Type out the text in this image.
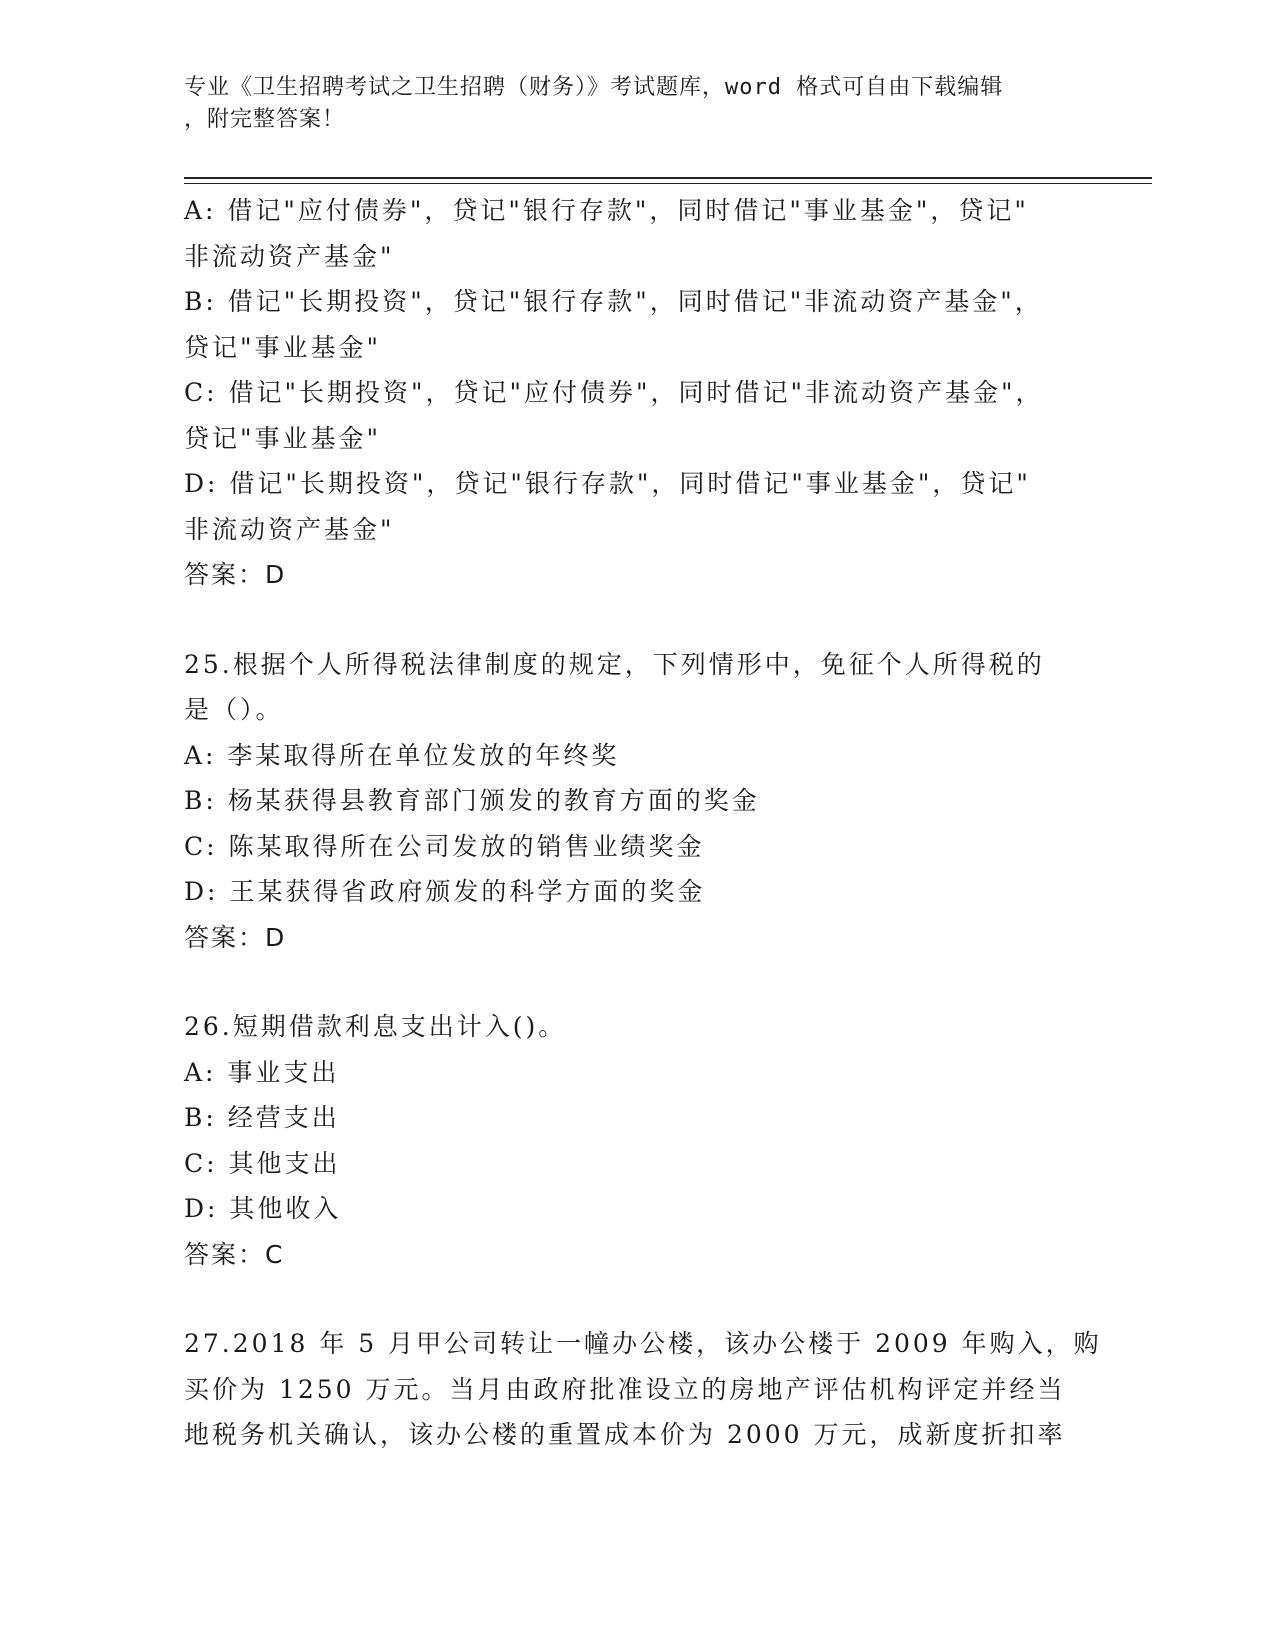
专业《卫生招聘考试之卫生招聘（财务）》考试题库，word 格式可自由下载编辑
，附完整答案！
A: 借记"应付债券"，贷记"银行存款"，同时借记"事业基金"，贷记"
非流动资产基金"
B: 借记"长期投资"，贷记"银行存款"，同时借记"非流动资产基金"，
贷记"事业基金"
C: 借记"长期投资"，贷记"应付债券"，同时借记"非流动资产基金"，
贷记"事业基金"
D: 借记"长期投资"，贷记"银行存款"，同时借记"事业基金"，贷记"
非流动资产基金"
答案：D
25.根据个人所得税法律制度的规定，下列情形中，免征个人所得税的
是（）。
A: 李某取得所在单位发放的年终奖
B: 杨某获得县教育部门颁发的教育方面的奖金
C: 陈某取得所在公司发放的销售业绩奖金
D: 王某获得省政府颁发的科学方面的奖金
答案：D
26.短期借款利息支出计入()。
A: 事业支出
B: 经营支出
C: 其他支出
D: 其他收入
答案：C
27.2018 年 5 月甲公司转让一幢办公楼，该办公楼于 2009 年购入，购
买价为 1250 万元。当月由政府批准设立的房地产评估机构评定并经当
地税务机关确认，该办公楼的重置成本价为 2000 万元，成新度折扣率
